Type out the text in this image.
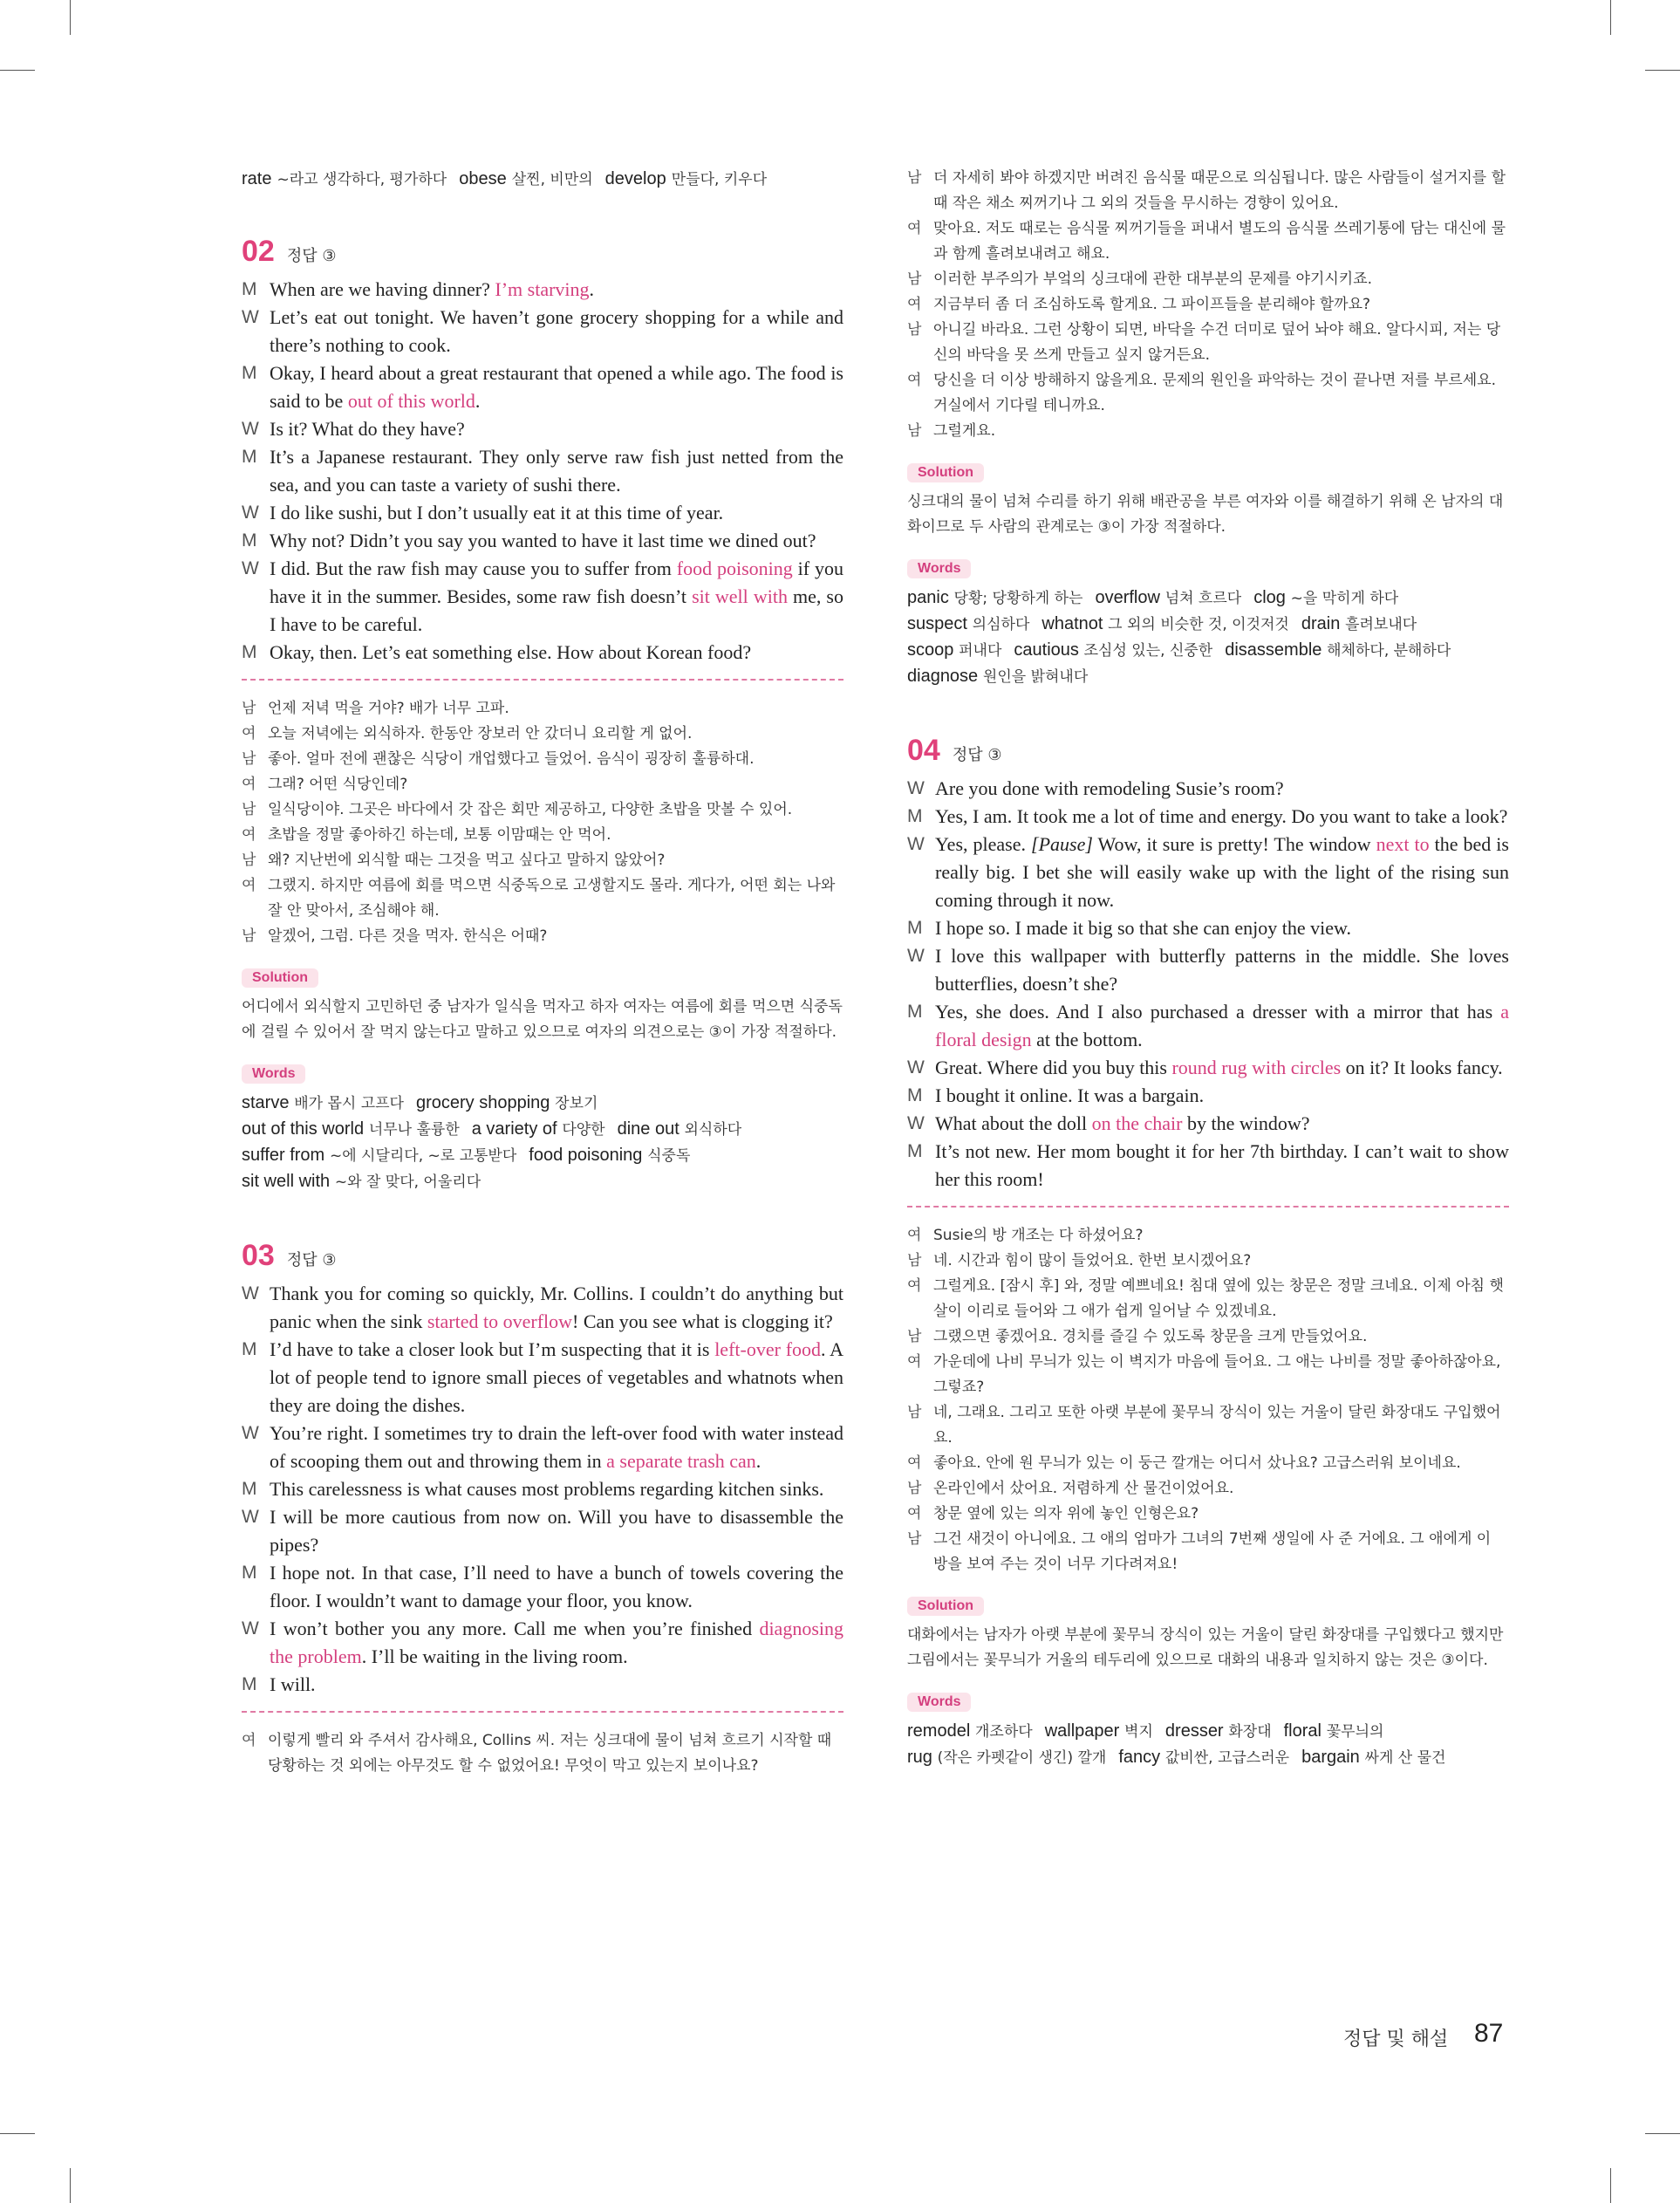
rate ~라고 생각하다, 평가하다 obese 살찐, 비만의 develop 만들다, 키우다
02 정답 ③
M When are we having dinner? I’m starving.
W Let’s eat out tonight. We haven’t gone grocery shopping for a while and there’s nothing to cook.
M Okay, I heard about a great restaurant that opened a while ago. The food is said to be out of this world.
W Is it? What do they have?
M It’s a Japanese restaurant. They only serve raw fish just netted from the sea, and you can taste a variety of sushi there.
W I do like sushi, but I don’t usually eat it at this time of year.
M Why not? Didn’t you say you wanted to have it last time we dined out?
W I did. But the raw fish may cause you to suffer from food poisoning if you have it in the summer. Besides, some raw fish doesn’t sit well with me, so I have to be careful.
M Okay, then. Let’s eat something else. How about Korean food?
남 언제 저녁 먹을 거야? 배가 너무 고파.
여 오늘 저녁에는 외식하자. 한동안 장보러 안 갔더니 요리할 게 없어.
남 좋아. 얼마 전에 괜찮은 식당이 개업했다고 들었어. 음식이 굉장히 훌륭하대.
여 그래? 어떤 식당인데?
남 일식당이야. 그곳은 바다에서 갓 잡은 회만 제공하고, 다양한 초밥을 맛볼 수 있어.
여 초밥을 정말 좋아하긴 하는데, 보통 이맘때는 안 먹어.
남 왜? 지난번에 외식할 때는 그것을 먹고 싶다고 말하지 않았어?
여 그랬지. 하지만 여름에 회를 먹으면 식중독으로 고생할지도 몰라. 게다가, 어떤 회는 나와 잘 안 맞아서, 조심해야 해.
남 알겠어, 그럼. 다른 것을 먹자. 한식은 어때?
Solution
어디에서 외식할지 고민하던 중 남자가 일식을 먹자고 하자 여자는 여름에 회를 먹으면 식중독에 걸릴 수 있어서 잘 먹지 않는다고 말하고 있으므로 여자의 의견으로는 ③이 가장 적절하다.
Words
starve 배가 몹시 고프다 grocery shopping 장보기
out of this world 너무나 훌륭한 a variety of 다양한 dine out 외식하다
suffer from ~에 시달리다, ~로 고통받다 food poisoning 식중독
sit well with ~와 잘 맞다, 어울리다
03 정답 ③
W Thank you for coming so quickly, Mr. Collins. I couldn’t do anything but panic when the sink started to overflow! Can you see what is clogging it?
M I’d have to take a closer look but I’m suspecting that it is left-over food. A lot of people tend to ignore small pieces of vegetables and whatnots when they are doing the dishes.
W You’re right. I sometimes try to drain the left-over food with water instead of scooping them out and throwing them in a separate trash can.
M This carelessness is what causes most problems regarding kitchen sinks.
W I will be more cautious from now on. Will you have to disassemble the pipes?
M I hope not. In that case, I’ll need to have a bunch of towels covering the floor. I wouldn’t want to damage your floor, you know.
W I won’t bother you any more. Call me when you’re finished diagnosing the problem. I’ll be waiting in the living room.
M I will.
여 이렇게 빨리 와 주셔서 감사해요, Collins 씨. 저는 싱크대에 물이 넘쳐 흐르기 시작할 때 당황하는 것 외에는 아무것도 할 수 없었어요! 무엇이 막고 있는지 보이나요?
남 더 자세히 봐야 하겠지만 버려진 음식물 때문으로 의심됩니다. 많은 사람들이 설거지를 할 때 작은 채소 찌꺼기나 그 외의 것들을 무시하는 경향이 있어요.
여 맞아요. 저도 때로는 음식물 찌꺼기들을 퍼내서 별도의 음식물 쓰레기통에 담는 대신에 물과 함께 흘려보내려고 해요.
남 이러한 부주의가 부엌의 싱크대에 관한 대부분의 문제를 야기시키죠.
여 지금부터 좀 더 조심하도록 할게요. 그 파이프들을 분리해야 할까요?
남 아니길 바라요. 그런 상황이 되면, 바닥을 수건 더미로 덮어 놔야 해요. 알다시피, 저는 당신의 바닥을 못 쓰게 만들고 싶지 않거든요.
여 당신을 더 이상 방해하지 않을게요. 문제의 원인을 파악하는 것이 끝나면 저를 부르세요. 거실에서 기다릴 테니까요.
남 그럴게요.
Solution
싱크대의 물이 넘쳐 수리를 하기 위해 배관공을 부른 여자와 이를 해결하기 위해 온 남자의 대화이므로 두 사람의 관계로는 ③이 가장 적절하다.
Words
panic 당황; 당황하게 하는 overflow 넘쳐 흐르다 clog ~을 막히게 하다
suspect 의심하다 whatnot 그 외의 비슷한 것, 이것저것 drain 흘려보내다
scoop 퍼내다 cautious 조심성 있는, 신중한 disassemble 해체하다, 분해하다
diagnose 원인을 밝혀내다
04 정답 ③
W Are you done with remodeling Susie’s room?
M Yes, I am. It took me a lot of time and energy. Do you want to take a look?
W Yes, please. [Pause] Wow, it sure is pretty! The window next to the bed is really big. I bet she will easily wake up with the light of the rising sun coming through it now.
M I hope so. I made it big so that she can enjoy the view.
W I love this wallpaper with butterfly patterns in the middle. She loves butterflies, doesn’t she?
M Yes, she does. And I also purchased a dresser with a mirror that has a floral design at the bottom.
W Great. Where did you buy this round rug with circles on it? It looks fancy.
M I bought it online. It was a bargain.
W What about the doll on the chair by the window?
M It’s not new. Her mom bought it for her 7th birthday. I can’t wait to show her this room!
여 Susie의 방 개조는 다 하셨어요?
남 네. 시간과 힘이 많이 들었어요. 한번 보시겠어요?
여 그럴게요. [잠시 후] 와, 정말 예쁘네요! 침대 옆에 있는 창문은 정말 크네요. 이제 아침 햇살이 이리로 들어와 그 애가 쉽게 일어날 수 있겠네요.
남 그랬으면 좋겠어요. 경치를 즐길 수 있도록 창문을 크게 만들었어요.
여 가운데에 나비 무늬가 있는 이 벽지가 마음에 들어요. 그 애는 나비를 정말 좋아하잖아요, 그렇죠?
남 네, 그래요. 그리고 또한 아랫 부분에 꽃무늬 장식이 있는 거울이 달린 화장대도 구입했어요.
여 좋아요. 안에 원 무늬가 있는 이 둥근 깔개는 어디서 샀나요? 고급스러워 보이네요.
남 온라인에서 샀어요. 저렴하게 산 물건이었어요.
여 창문 옆에 있는 의자 위에 놓인 인형은요?
남 그건 새것이 아니에요. 그 애의 엄마가 그녀의 7번째 생일에 사 준 거에요. 그 애에게 이 방을 보여 주는 것이 너무 기다려져요!
Solution
대화에서는 남자가 아랫 부분에 꽃무늬 장식이 있는 거울이 달린 화장대를 구입했다고 했지만 그림에서는 꽃무늬가 거울의 테두리에 있으므로 대화의 내용과 일치하지 않는 것은 ③이다.
Words
remodel 개조하다 wallpaper 벽지 dresser 화장대 floral 꽃무늬의
rug (작은 카펫같이 생긴) 깔개 fancy 값비싼, 고급스러운 bargain 싸게 산 물건
정답 및 해설 87
